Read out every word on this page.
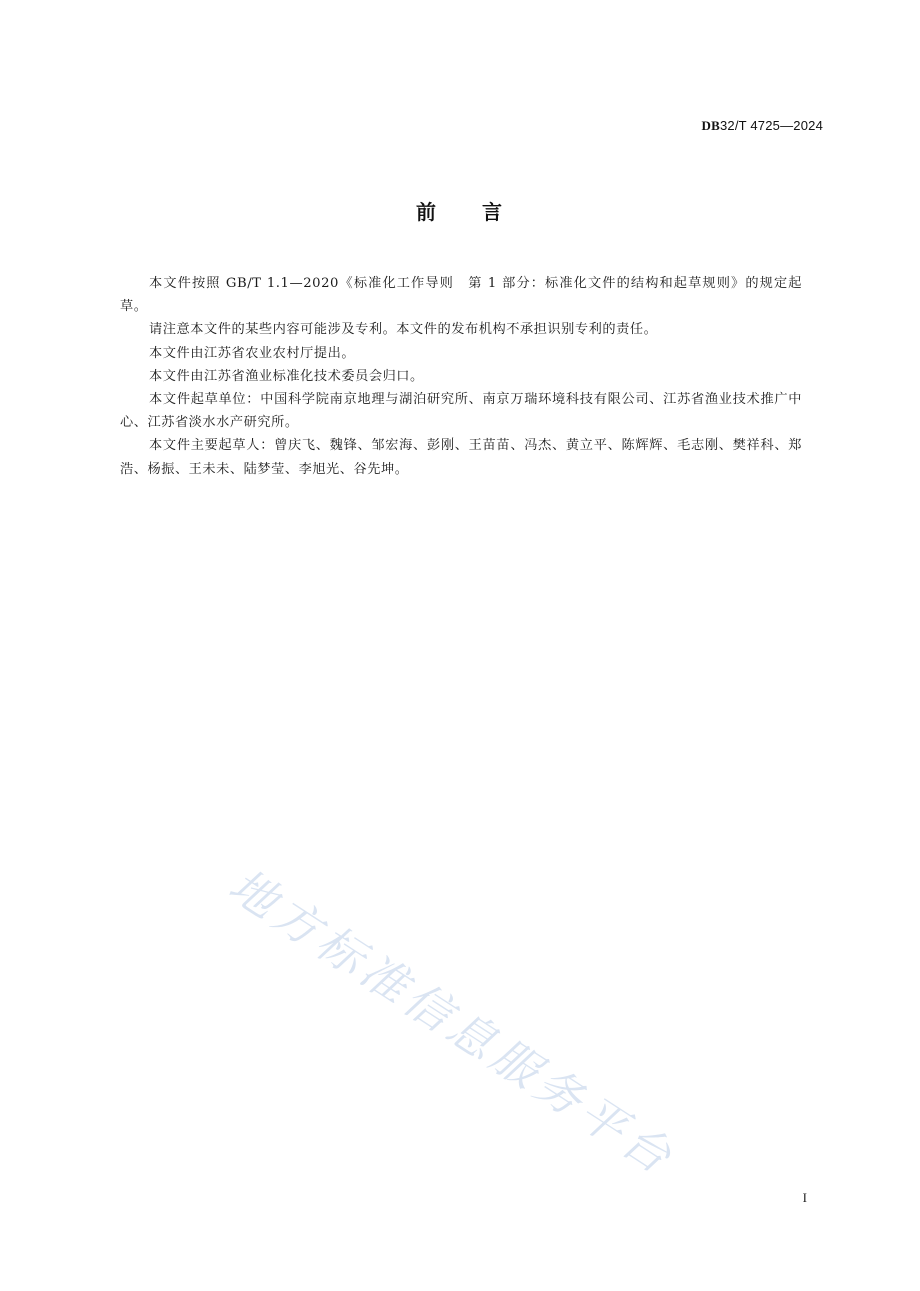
DB32/T 4725—2024
前 言

本文件按照 GB/T 1.1—2020《标准化工作导则　第 1 部分：标准化文件的结构和起草规则》的规定起草。

请注意本文件的某些内容可能涉及专利。本文件的发布机构不承担识别专利的责任。

本文件由江苏省农业农村厅提出。

本文件由江苏省渔业标准化技术委员会归口。

本文件起草单位：中国科学院南京地理与湖泊研究所、南京万瑞环境科技有限公司、江苏省渔业技术推广中心、江苏省淡水水产研究所。

本文件主要起草人：曾庆飞、魏锋、邹宏海、彭刚、王苗苗、冯杰、黄立平、陈辉辉、毛志刚、樊祥科、郑浩、杨振、王未未、陆梦莹、李旭光、谷先坤。

地方标准信息服务平台
I
